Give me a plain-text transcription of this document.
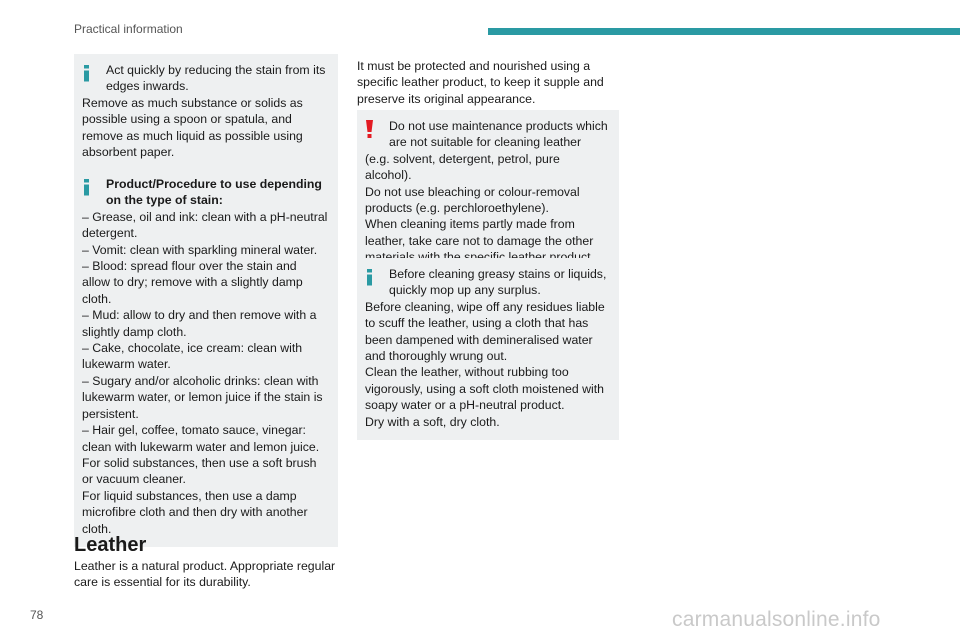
Practical information
Act quickly by reducing the stain from its edges inwards.
Remove as much substance or solids as possible using a spoon or spatula, and remove as much liquid as possible using absorbent paper.
Product/Procedure to use depending on the type of stain:

– Grease, oil and ink: clean with a pH-neutral detergent.

– Vomit: clean with sparkling mineral water.

– Blood: spread flour over the stain and allow to dry; remove with a slightly damp cloth.

– Mud: allow to dry and then remove with a slightly damp cloth.

– Cake, chocolate, ice cream: clean with lukewarm water.

– Sugary and/or alcoholic drinks: clean with lukewarm water, or lemon juice if the stain is persistent.

– Hair gel, coffee, tomato sauce, vinegar: clean with lukewarm water and lemon juice. For solid substances, then use a soft brush or vacuum cleaner.

For liquid substances, then use a damp microfibre cloth and then dry with another cloth.

Leather
Leather is a natural product. Appropriate regular care is essential for its durability.
It must be protected and nourished using a specific leather product, to keep it supple and preserve its original appearance.
Do not use maintenance products which are not suitable for cleaning leather

(e.g. solvent, detergent, petrol, pure alcohol).

Do not use bleaching or colour-removal products (e.g. perchloroethylene).

When cleaning items partly made from leather, take care not to damage the other

Before cleaning greasy stains or liquids, quickly mop up any surplus.

Before cleaning, wipe off any residues liable to scuff the leather, using a cloth that has been dampened with demineralised water and thoroughly wrung out.

Clean the leather, without rubbing too vigorously, using a soft cloth moistened with soapy water or a pH-neutral product.

Dry with a soft, dry cloth.

78	carmanualsonline.info
